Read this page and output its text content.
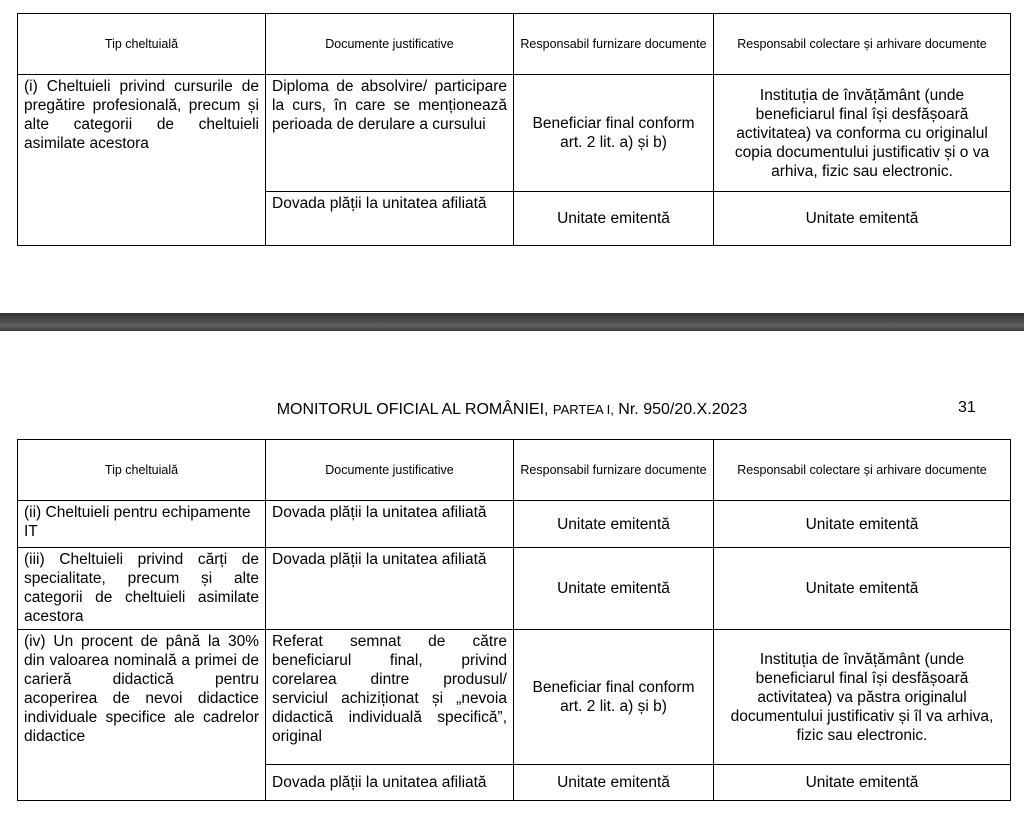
Tip cheltuială	Documente justificative	Responsabil furnizare documente	Responsabil colectare și arhivare documente
(i) Cheltuieli privind cursurile de pregătire profesională, precum și alte categorii de cheltuieli asimilate acestora	Diploma de absolvire/ participare la curs, în care se menționează perioada de derulare a cursului	Beneficiar final conform art. 2 lit. a) și b)	Instituția de învățământ (unde beneficiarul final își desfășoară activitatea) va conforma cu originalul copia documentului justificativ și o va arhiva, fizic sau electronic.
	Dovada plății la unitatea afiliată	Unitate emitentă	Unitate emitentă
MONITORUL OFICIAL AL ROMÂNIEI, PARTEA I, Nr. 950/20.X.2023	31
Tip cheltuială	Documente justificative	Responsabil furnizare documente	Responsabil colectare și arhivare documente
(ii) Cheltuieli pentru echipamente IT	Dovada plății la unitatea afiliată	Unitate emitentă	Unitate emitentă
(iii) Cheltuieli privind cărți de specialitate, precum și alte categorii de cheltuieli asimilate acestora	Dovada plății la unitatea afiliată	Unitate emitentă	Unitate emitentă
(iv) Un procent de până la 30% din valoarea nominală a primei de carieră didactică pentru acoperirea de nevoi didactice individuale specifice ale cadrelor didactice	Referat semnat de către beneficiarul final, privind corelarea dintre produsul/ serviciul achiziționat și „nevoia didactică individuală specifică”, original	Beneficiar final conform art. 2 lit. a) și b)	Instituția de învățământ (unde beneficiarul final își desfășoară activitatea) va păstra originalul documentului justificativ și îl va arhiva, fizic sau electronic.
	Dovada plății la unitatea afiliată	Unitate emitentă	Unitate emitentă
